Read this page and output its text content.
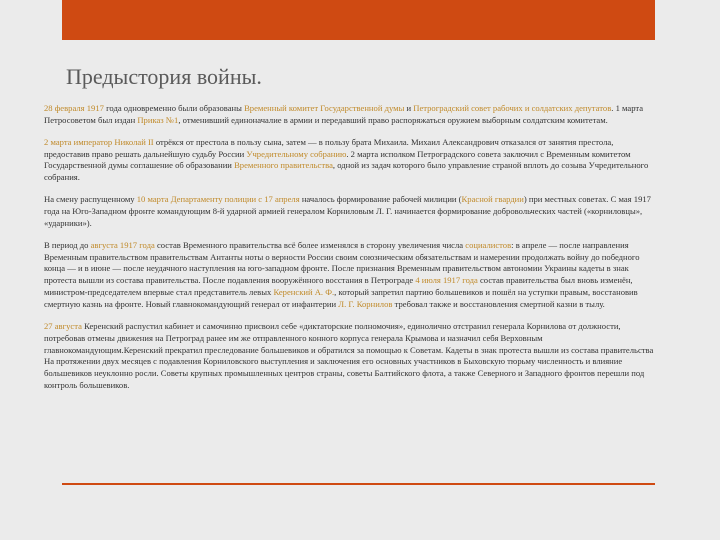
Предыстория войны.

28 февраля 1917 года одновременно были образованы Временный комитет Государственной думы и Петроградский совет рабочих и солдатских депутатов. 1 марта Петросоветом был издан Приказ №1, отменивший единоначалие в армии и передавший право распоряжаться оружием выборным солдатским комитетам.

2 марта император Николай II отрёкся от престола в пользу сына, затем — в пользу брата Михаила. Михаил Александрович отказался от занятия престола, предоставив право решать дальнейшую судьбу России Учредительному собранию. 2 марта исполком Петроградского совета заключил с Временным комитетом Государственной думы соглашение об образовании Временного правительства, одной из задач которого было управление страной вплоть до созыва Учредительного собрания.

На смену распущенному 10 марта Департаменту полиции с 17 апреля началось формирование рабочей милиции (Красной гвардии) при местных советах. С мая 1917 года на Юго-Западном фронте командующим 8-й ударной армией генералом Корниловым Л. Г. начинается формирование добровольческих частей («корниловцы», «ударники»).

В период до августа 1917 года состав Временного правительства всё более изменялся в сторону увеличения числа социалистов: в апреле — после направления Временным правительством правительствам Антанты ноты о верности России своим союзническим обязательствам и намерении продолжать войну до победного конца — и в июне — после неудачного наступления на юго-западном фронте. После признания Временным правительством автономии Украины кадеты в знак протеста вышли из состава правительства. После подавления вооружённого восстания в Петрограде 4 июля 1917 года состав правительства был вновь изменён, министром-председателем впервые стал представитель левых Керенский А. Ф., который запретил партию большевиков и пошёл на уступки правым, восстановив смертную казнь на фронте. Новый главнокомандующий генерал от инфантерии Л. Г. Корнилов требовал также и восстановления смертной казни в тылу.

27 августа Керенский распустил кабинет и самочинно присвоил себе «диктаторские полномочия», единолично отстранил генерала Корнилова от должности, потребовав отмены движения на Петроград ранее им же отправленного конного корпуса генерала Крымова и назначил себя Верховным главнокомандующим.Керенский прекратил преследование большевиков и обратился за помощью к Советам. Кадеты в знак протеста вышли из состава правительства

На протяжении двух месяцев с подавления Корниловского выступления и заключения его основных участников в Быховскую тюрьму численность и влияние большевиков неуклонно росли. Советы крупных промышленных центров страны, советы Балтийского флота, а также Северного и Западного фронтов перешли под контроль большевиков.
